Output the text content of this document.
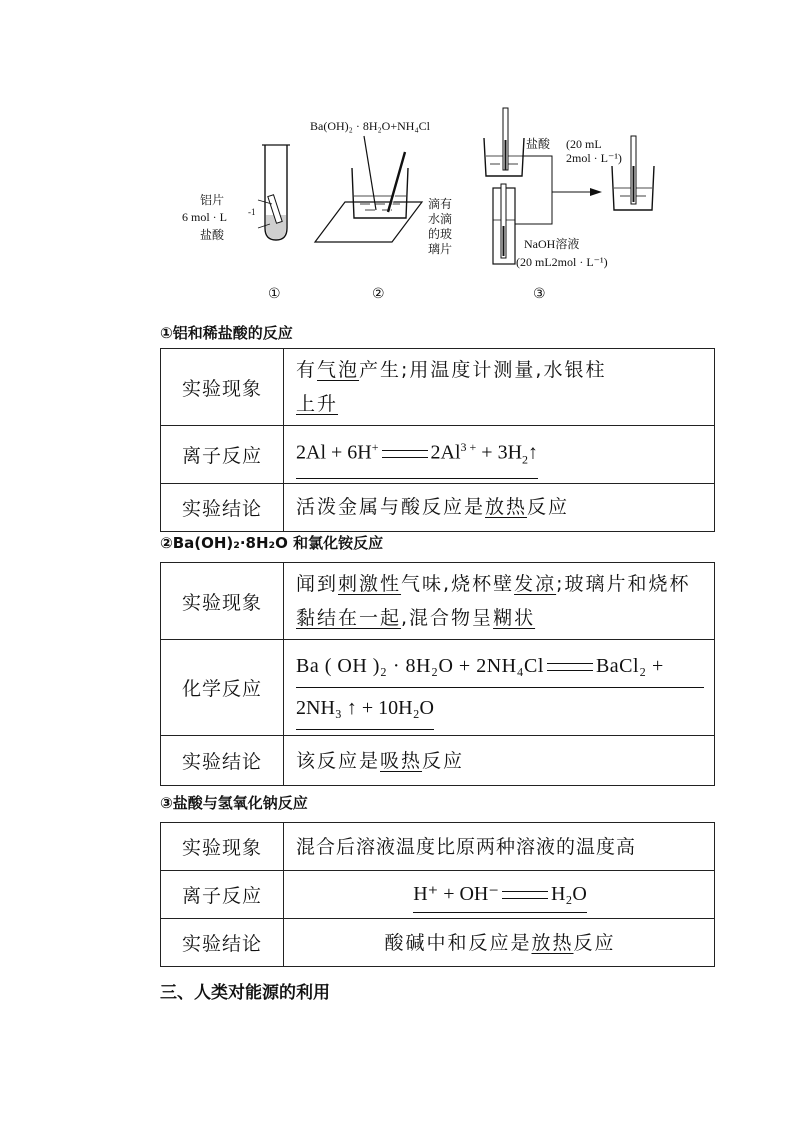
铝片
6 mol · L -1
盐酸
①
Ba(OH)₂ · 8H₂O+NH₄Cl
滴有
水滴
的玻
璃片
②
盐酸 (20 mL
2mol · L⁻¹)
NaOH溶液
(20 mL2mol · L⁻¹)
③
①铝和稀盐酸的反应
实验现象	有气泡产生;用温度计测量,水银柱
上升
离子反应	2Al + 6H+ $2Al^{3 +}$ + $3H_2↑$
实验结论	活泼金属与酸反应是放热反应
②Ba(OH)₂·8H₂O 和氯化铵反应
实验现象	闻到刺激性气味,烧杯壁发凉;玻璃片和烧杯黏结在一起,混合物呈糊状
化学反应	Ba ( OH )₂ · 8H₂O + 2NH₄Cl BaCl₂ +
2NH₃ ↑ + 10H₂O
实验结论	该反应是吸热反应
③盐酸与氢氧化钠反应
实验现象	混合后溶液温度比原两种溶液的温度高
离子反应	H⁺ + OH⁻ H₂O
实验结论	酸碱中和反应是放热反应
三、人类对能源的利用
